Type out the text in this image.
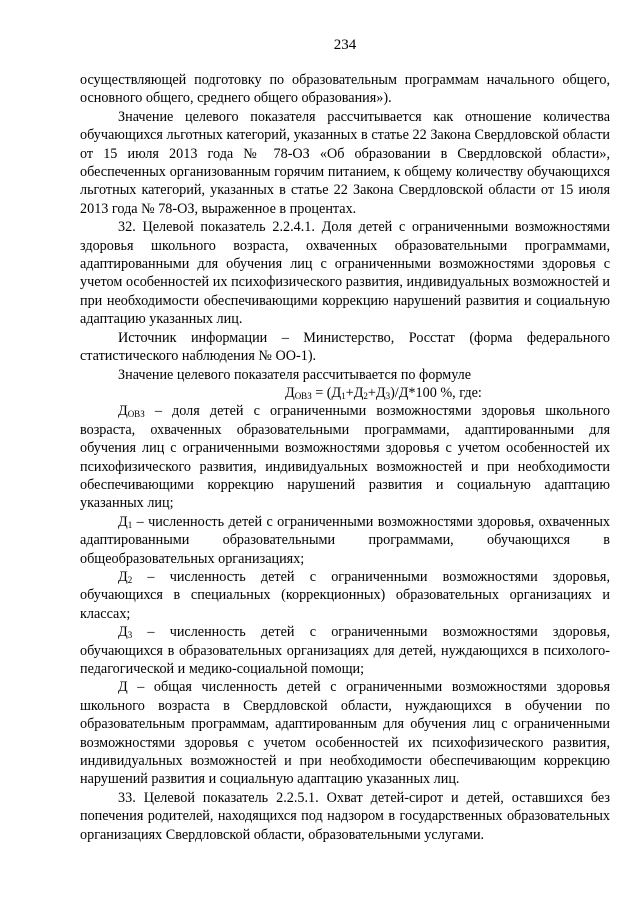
234

осуществляющей подготовку по образовательным программам начального общего, основного общего, среднего общего образования»).

Значение целевого показателя рассчитывается как отношение количества обучающихся льготных категорий, указанных в статье 22 Закона Свердловской области от 15 июля 2013 года № 78-ОЗ «Об образовании в Свердловской области», обеспеченных организованным горячим питанием, к общему количеству обучающихся льготных категорий, указанных в статье 22 Закона Свердловской области от 15 июля 2013 года № 78-ОЗ, выраженное в процентах.

32. Целевой показатель 2.2.4.1. Доля детей с ограниченными возможностями здоровья школьного возраста, охваченных образовательными программами, адаптированными для обучения лиц с ограниченными возможностями здоровья с учетом особенностей их психофизического развития, индивидуальных возможностей и при необходимости обеспечивающими коррекцию нарушений развития и социальную адаптацию указанных лиц.

Источник информации – Министерство, Росстат (форма федерального статистического наблюдения № ОО-1).

Значение целевого показателя рассчитывается по формуле

$Д_{ОВЗ} = (Д_1+Д_2+Д_3)/Д*100$ %, где:

$Д_{ОВЗ}$ – доля детей с ограниченными возможностями здоровья школьного возраста, охваченных образовательными программами, адаптированными для обучения лиц с ограниченными возможностями здоровья с учетом особенностей их психофизического развития, индивидуальных возможностей и при необходимости обеспечивающими коррекцию нарушений развития и социальную адаптацию указанных лиц;

$Д_1$ – численность детей с ограниченными возможностями здоровья, охваченных адаптированными образовательными программами, обучающихся в общеобразовательных организациях;

$Д_2$ – численность детей с ограниченными возможностями здоровья, обучающихся в специальных (коррекционных) образовательных организациях и классах;

$Д_3$ – численность детей с ограниченными возможностями здоровья, обучающихся в образовательных организациях для детей, нуждающихся в психолого-педагогической и медико-социальной помощи;

Д – общая численность детей с ограниченными возможностями здоровья школьного возраста в Свердловской области, нуждающихся в обучении по образовательным программам, адаптированным для обучения лиц с ограниченными возможностями здоровья с учетом особенностей их психофизического развития, индивидуальных возможностей и при необходимости обеспечивающим коррекцию нарушений развития и социальную адаптацию указанных лиц.

33. Целевой показатель 2.2.5.1. Охват детей-сирот и детей, оставшихся без попечения родителей, находящихся под надзором в государственных образовательных организациях Свердловской области, образовательными услугами.
